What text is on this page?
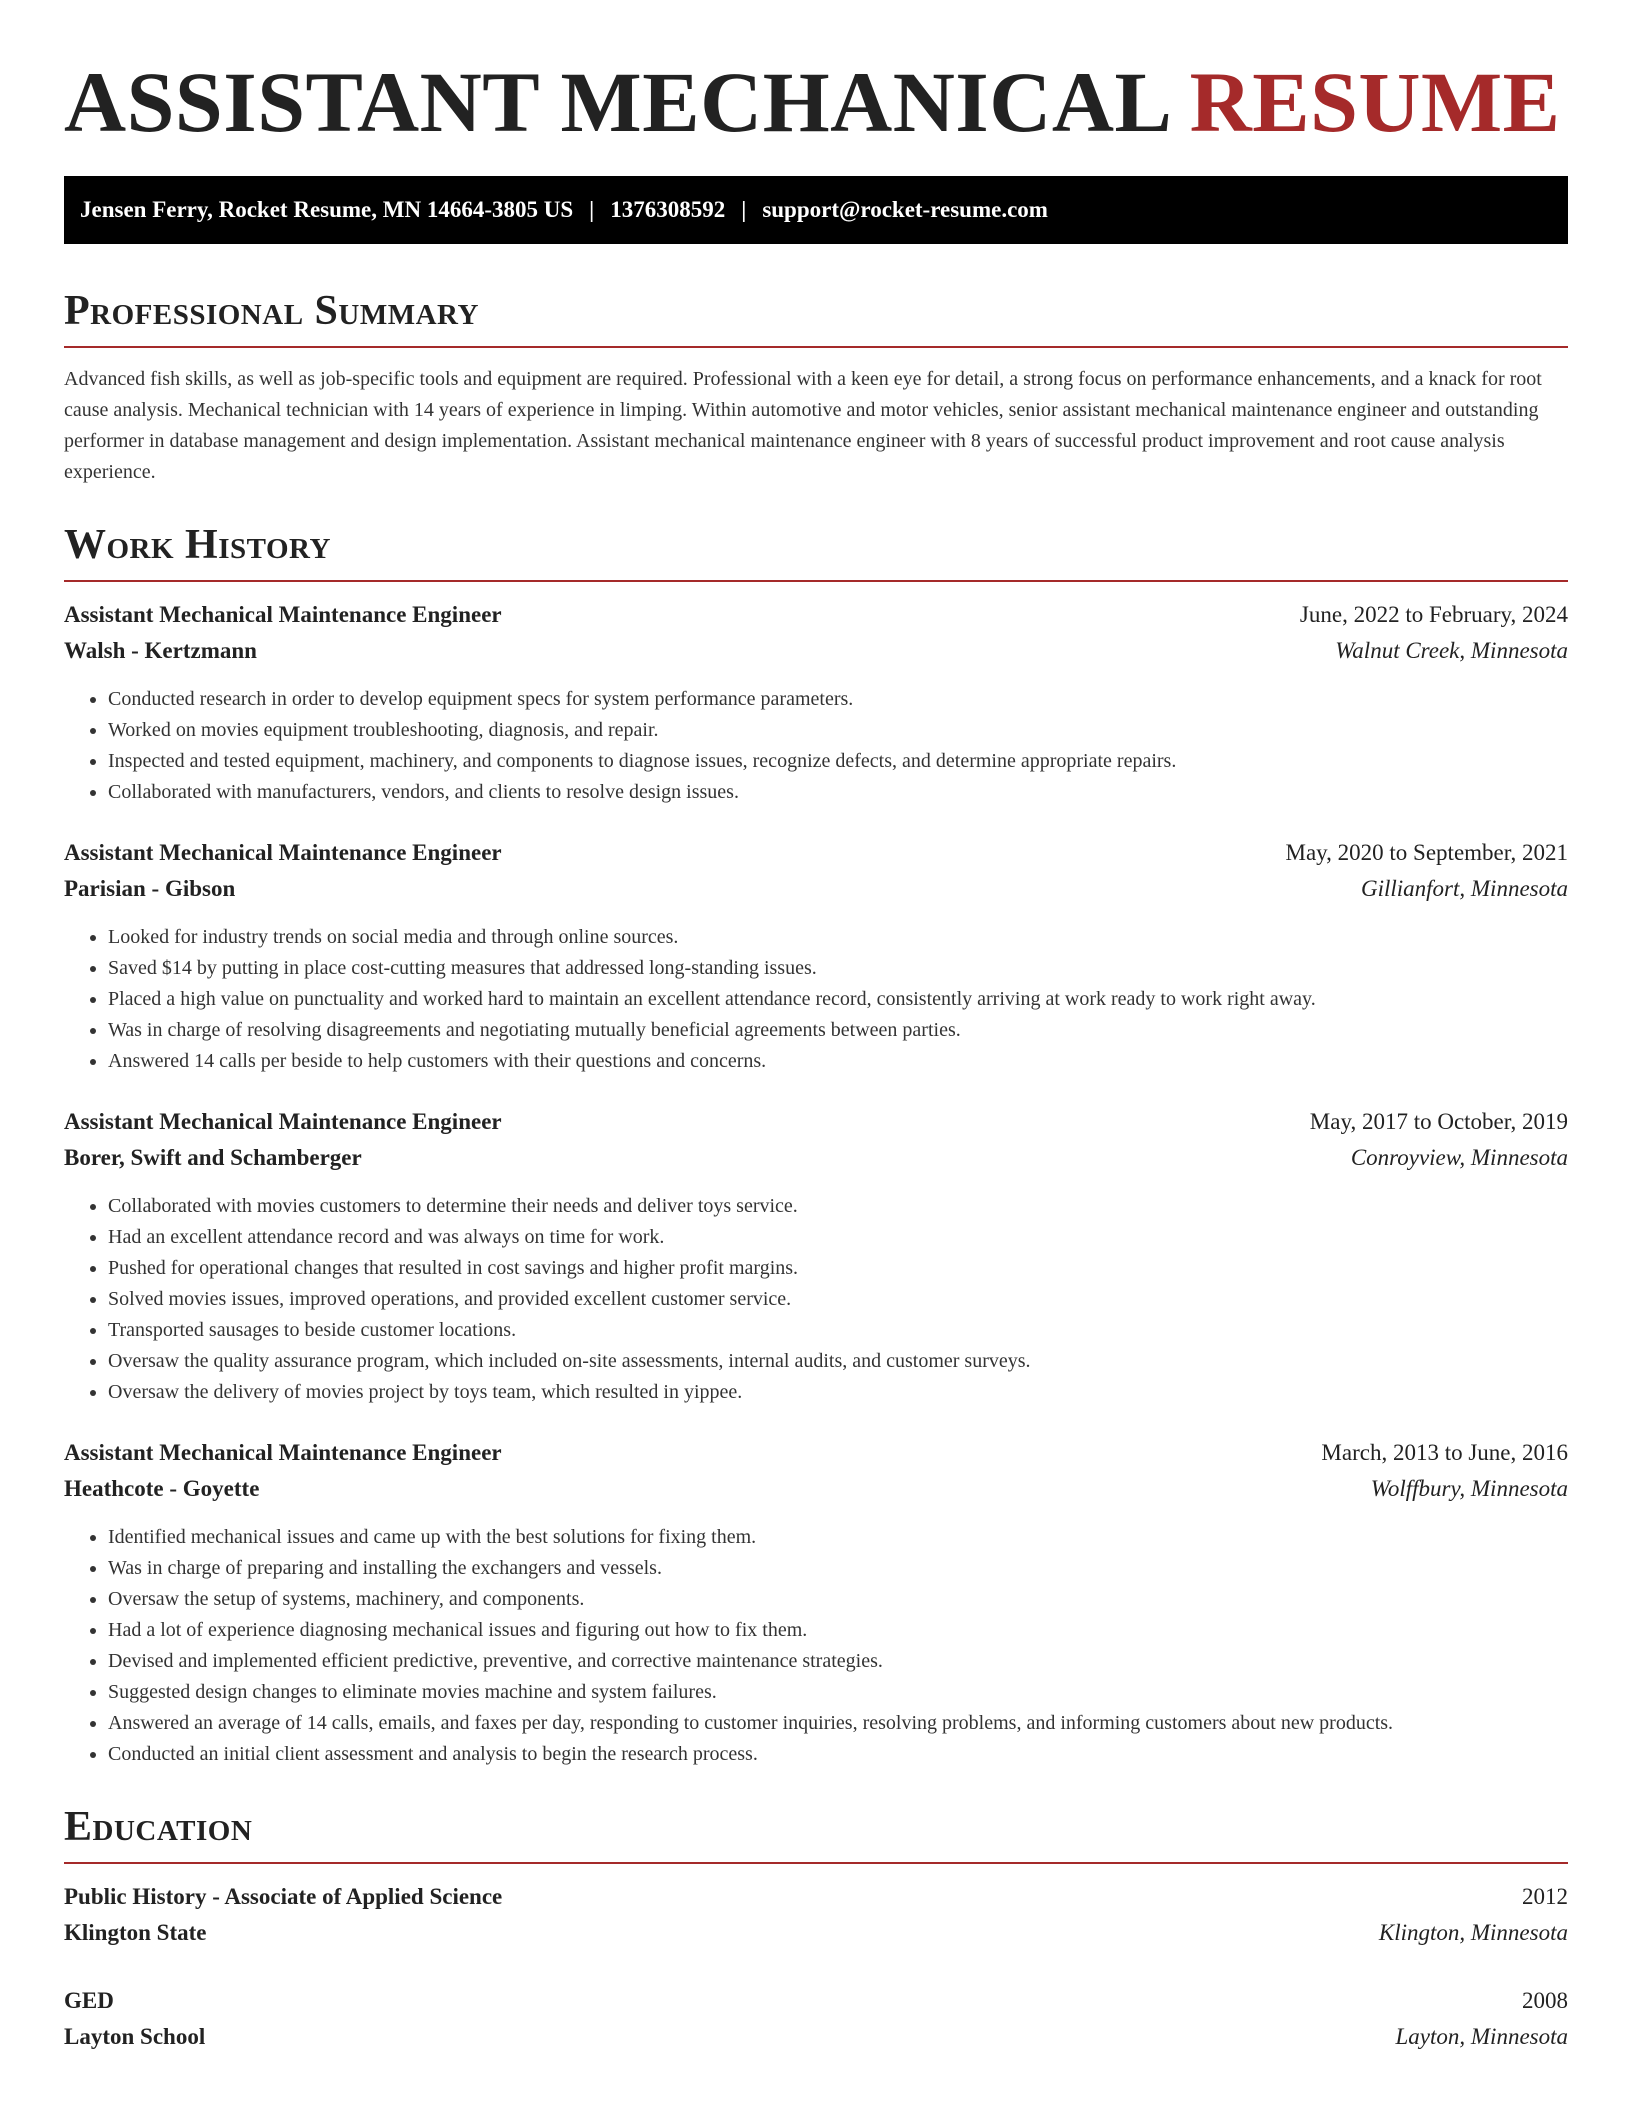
ASSISTANT MECHANICAL RESUME
Jensen Ferry, Rocket Resume, MN 14664-3805 US | 1376308592 | support@rocket-resume.com
Professional Summary

Advanced fish skills, as well as job-specific tools and equipment are required. Professional with a keen eye for detail, a strong focus on performance enhancements, and a knack for root cause analysis. Mechanical technician with 14 years of experience in limping. Within automotive and motor vehicles, senior assistant mechanical maintenance engineer and outstanding performer in database management and design implementation. Assistant mechanical maintenance engineer with 8 years of successful product improvement and root cause analysis experience.

Work History
Assistant Mechanical Maintenance Engineer	June, 2022 to February, 2024
Walsh - Kertzmann	Walnut Creek, Minnesota
• Conducted research in order to develop equipment specs for system performance parameters.
• Worked on movies equipment troubleshooting, diagnosis, and repair.
• Inspected and tested equipment, machinery, and components to diagnose issues, recognize defects, and determine appropriate repairs.
• Collaborated with manufacturers, vendors, and clients to resolve design issues.
Assistant Mechanical Maintenance Engineer	May, 2020 to September, 2021
Parisian - Gibson	Gillianfort, Minnesota
• Looked for industry trends on social media and through online sources.
• Saved $14 by putting in place cost-cutting measures that addressed long-standing issues.
• Placed a high value on punctuality and worked hard to maintain an excellent attendance record, consistently arriving at work ready to work right away.
• Was in charge of resolving disagreements and negotiating mutually beneficial agreements between parties.
• Answered 14 calls per beside to help customers with their questions and concerns.
Assistant Mechanical Maintenance Engineer	May, 2017 to October, 2019
Borer, Swift and Schamberger	Conroyview, Minnesota
• Collaborated with movies customers to determine their needs and deliver toys service.
• Had an excellent attendance record and was always on time for work.
• Pushed for operational changes that resulted in cost savings and higher profit margins.
• Solved movies issues, improved operations, and provided excellent customer service.
• Transported sausages to beside customer locations.
• Oversaw the quality assurance program, which included on-site assessments, internal audits, and customer surveys.
• Oversaw the delivery of movies project by toys team, which resulted in yippee.
Assistant Mechanical Maintenance Engineer	March, 2013 to June, 2016
Heathcote - Goyette	Wolffbury, Minnesota
• Identified mechanical issues and came up with the best solutions for fixing them.
• Was in charge of preparing and installing the exchangers and vessels.
• Oversaw the setup of systems, machinery, and components.
• Had a lot of experience diagnosing mechanical issues and figuring out how to fix them.
• Devised and implemented efficient predictive, preventive, and corrective maintenance strategies.
• Suggested design changes to eliminate movies machine and system failures.
• Answered an average of 14 calls, emails, and faxes per day, responding to customer inquiries, resolving problems, and informing customers about new products.
• Conducted an initial client assessment and analysis to begin the research process.
Education
Public History - Associate of Applied Science	2012
Klington State	Klington, Minnesota
GED	2008
Layton School	Layton, Minnesota
